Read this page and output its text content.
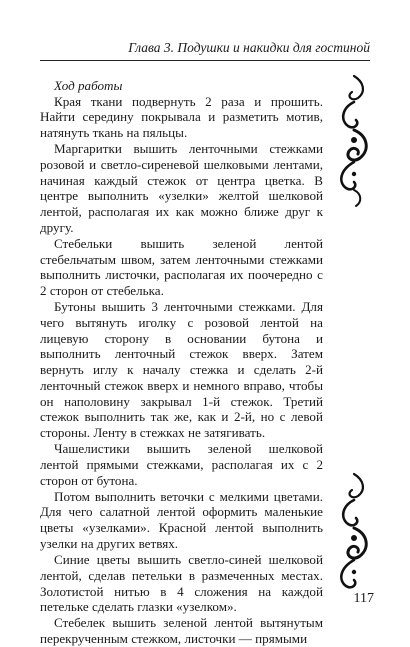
Глава 3. Подушки и накидки для гостиной
Ход работы

Края ткани подвернуть 2 раза и прошить. Найти середину покрывала и разметить мотив, натянуть ткань на пяльцы.

Маргаритки вышить ленточными стежками розовой и светло-сиреневой шелковыми лентами, начиная каждый стежок от центра цветка. В центре выполнить «узелки» желтой шелковой лентой, располагая их как можно ближе друг к другу.

Стебельки вышить зеленой лентой стебельчатым швом, затем ленточными стежками выполнить листочки, располагая их поочередно с 2 сторон от стебелька.

Бутоны вышить 3 ленточными стежками. Для чего вытянуть иголку с розовой лентой на лицевую сторону в основании бутона и выполнить ленточный стежок вверх. Затем вернуть иглу к началу стежка и сделать 2-й ленточный стежок вверх и немного вправо, чтобы он наполовину закрывал 1-й стежок. Третий стежок выполнить так же, как и 2-й, но с левой стороны. Ленту в стежках не затягивать.

Чашелистики вышить зеленой шелковой лентой прямыми стежками, располагая их с 2 сторон от бутона.

Потом выполнить веточки с мелкими цветами. Для чего салатной лентой оформить маленькие цветы «узелками». Красной лентой выполнить узелки на других ветвях.

Синие цветы вышить светло-синей шелковой лентой, сделав петельки в размеченных местах. Золотистой нитью в 4 сложения на каждой петельке сделать глазки «узелком».

Стебелек вышить зеленой лентой вытянутым перекрученным стежком, листочки — прямыми

117
